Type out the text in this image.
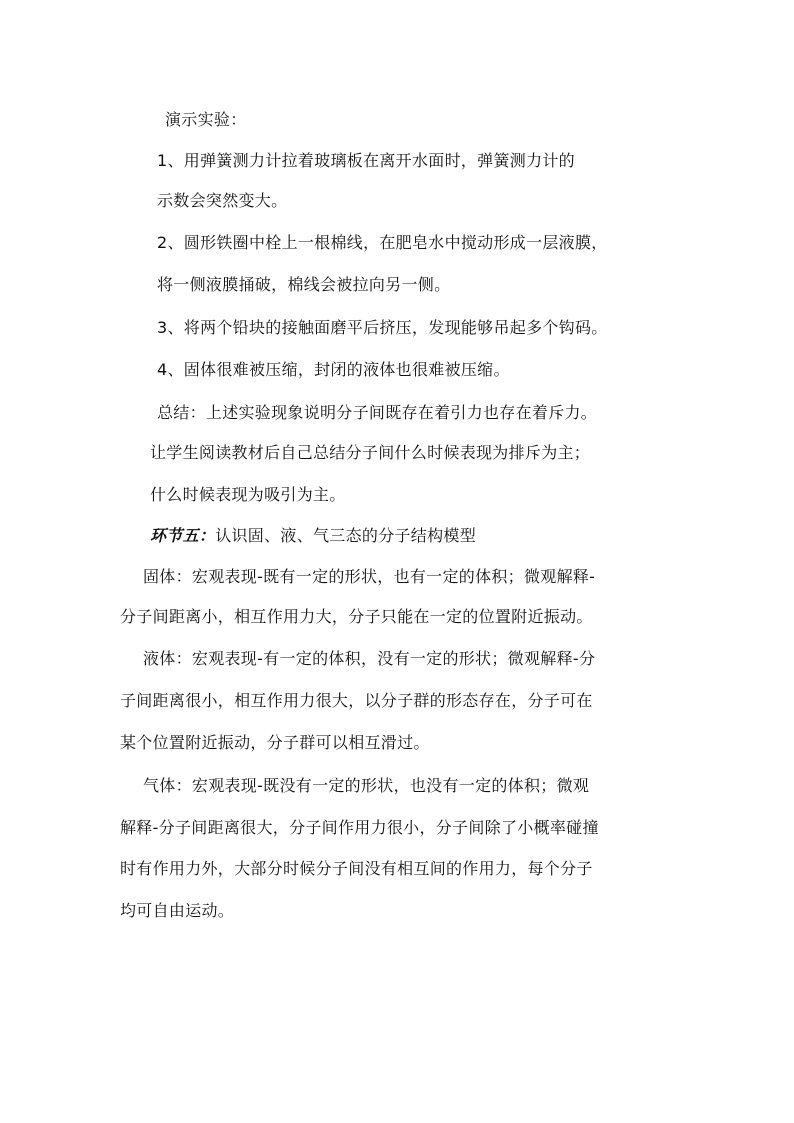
演示实验：
1、用弹簧测力计拉着玻璃板在离开水面时，弹簧测力计的
示数会突然变大。
2、圆形铁圈中栓上一根棉线，在肥皂水中搅动形成一层液膜，
将一侧液膜捅破，棉线会被拉向另一侧。
3、将两个铅块的接触面磨平后挤压，发现能够吊起多个钩码。
4、固体很难被压缩，封闭的液体也很难被压缩。
总结：上述实验现象说明分子间既存在着引力也存在着斥力。
让学生阅读教材后自己总结分子间什么时候表现为排斥为主；
什么时候表现为吸引为主。
环节五：认识固、液、气三态的分子结构模型
固体：宏观表现-既有一定的形状，也有一定的体积；微观解释-
分子间距离小，相互作用力大，分子只能在一定的位置附近振动。
液体：宏观表现-有一定的体积，没有一定的形状；微观解释-分
子间距离很小，相互作用力很大，以分子群的形态存在，分子可在
某个位置附近振动，分子群可以相互滑过。
气体：宏观表现-既没有一定的形状，也没有一定的体积；微观
解释-分子间距离很大，分子间作用力很小，分子间除了小概率碰撞
时有作用力外，大部分时候分子间没有相互间的作用力，每个分子
均可自由运动。
